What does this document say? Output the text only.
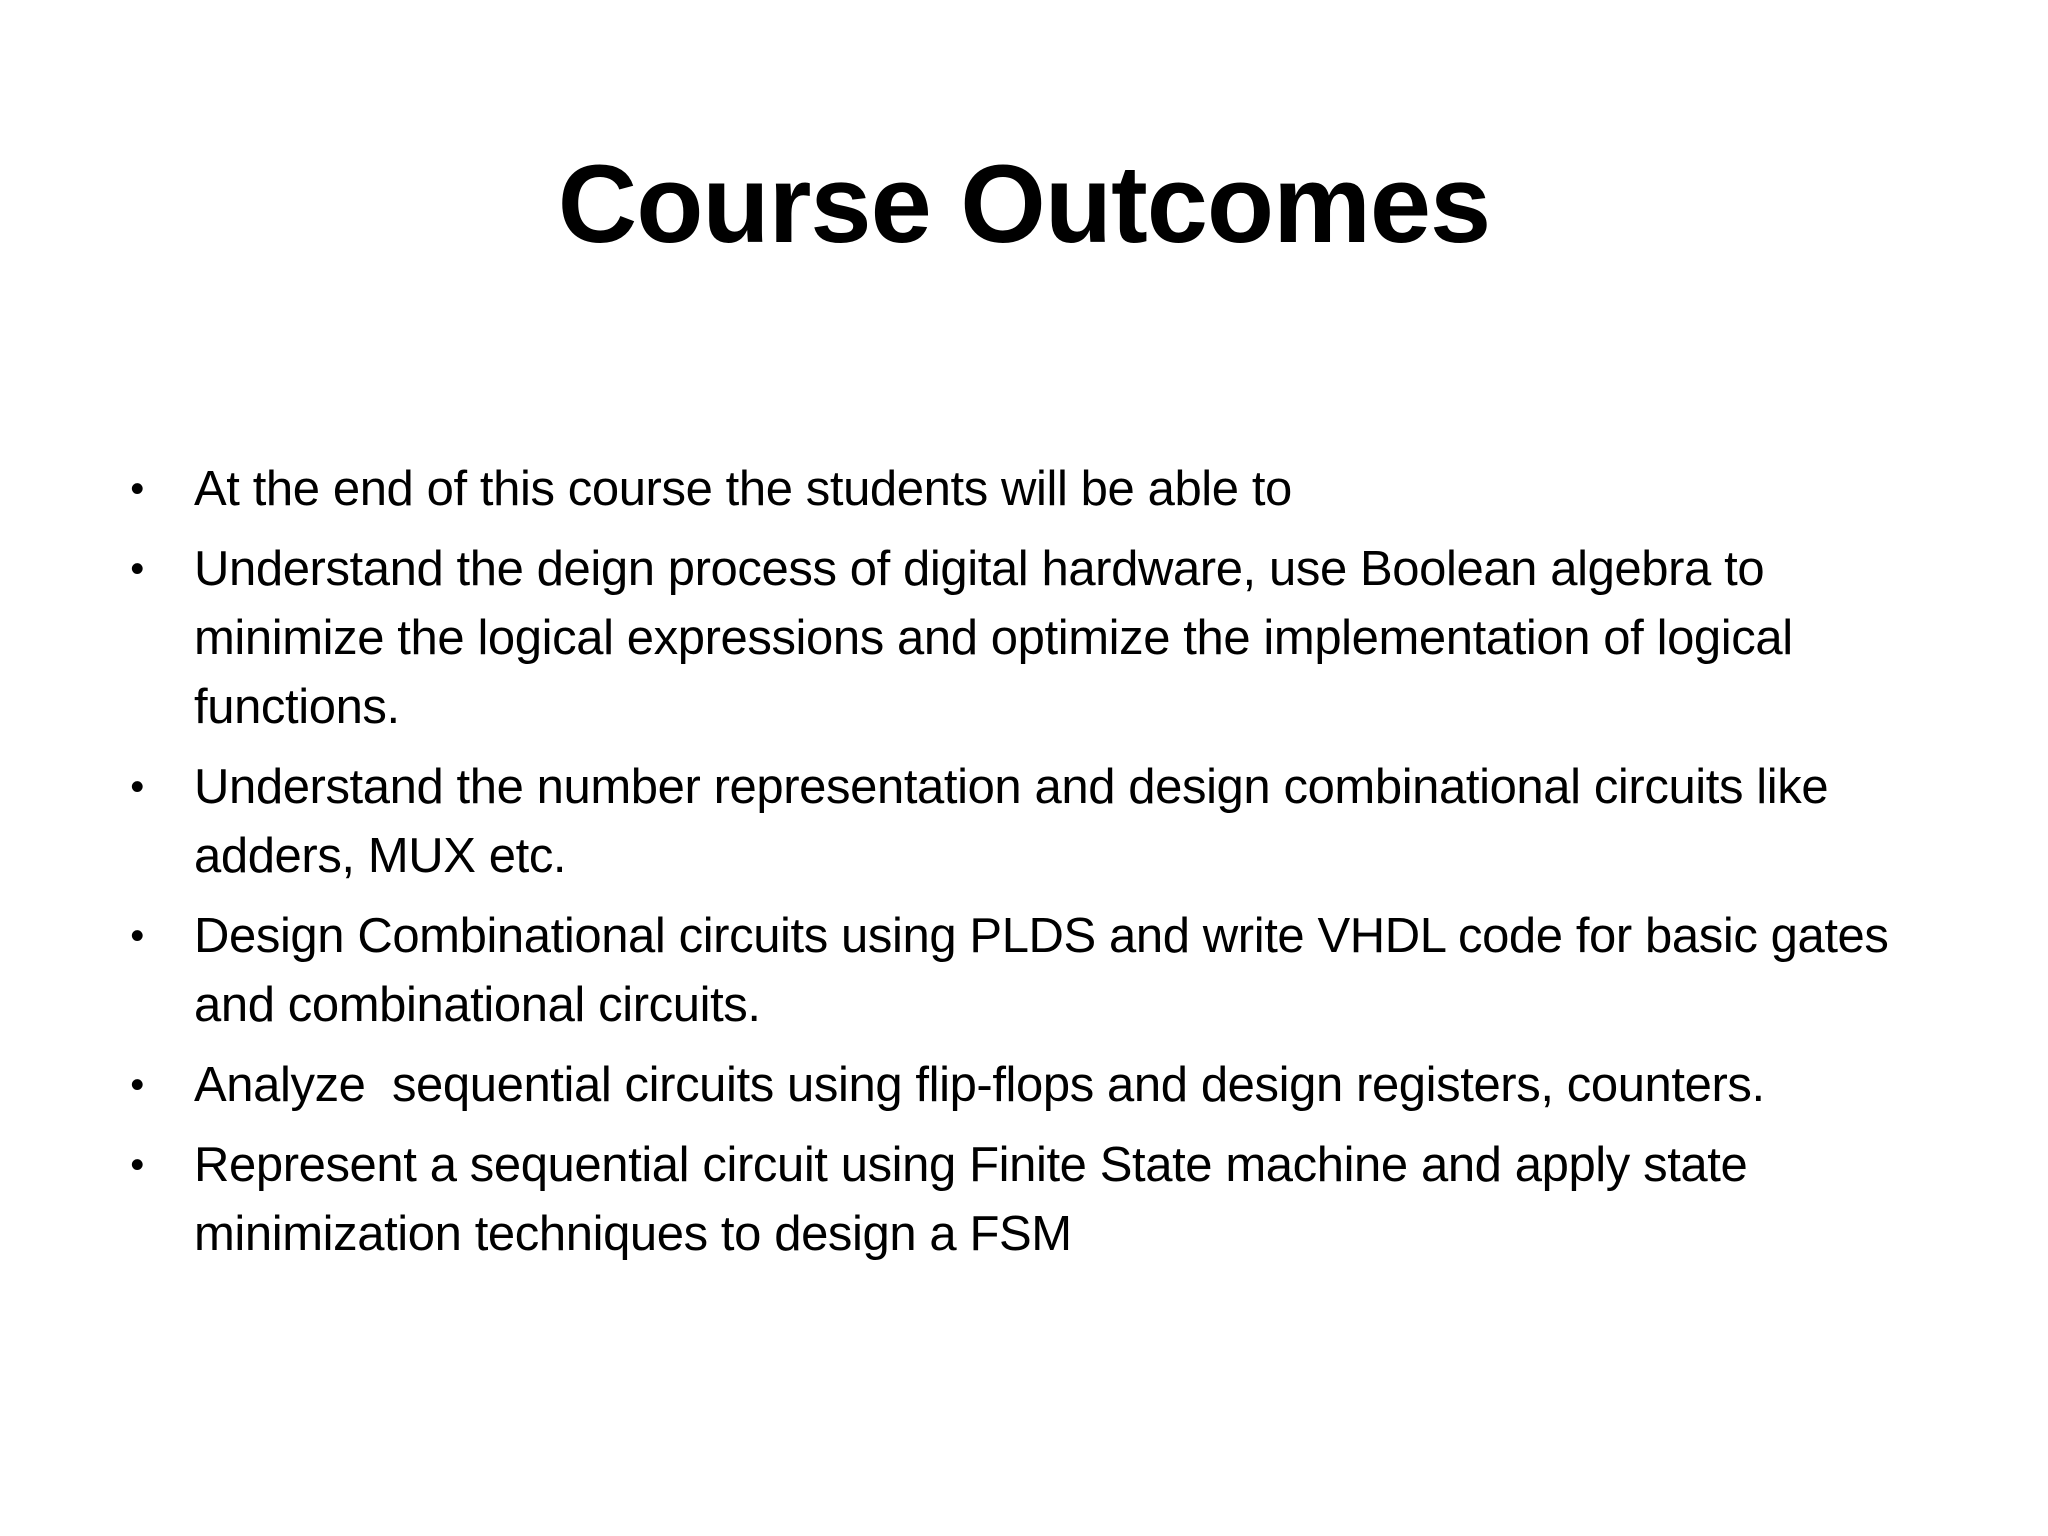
Course Outcomes
• At the end of this course the students will be able to
• Understand the deign process of digital hardware, use Boolean algebra to minimize the logical expressions and optimize the implementation of logical functions.
• Understand the number representation and design combinational circuits like adders, MUX etc.
• Design Combinational circuits using PLDS and write VHDL code for basic gates and combinational circuits.
• Analyze  sequential circuits using flip-flops and design registers, counters.
• Represent a sequential circuit using Finite State machine and apply state minimization techniques to design a FSM
